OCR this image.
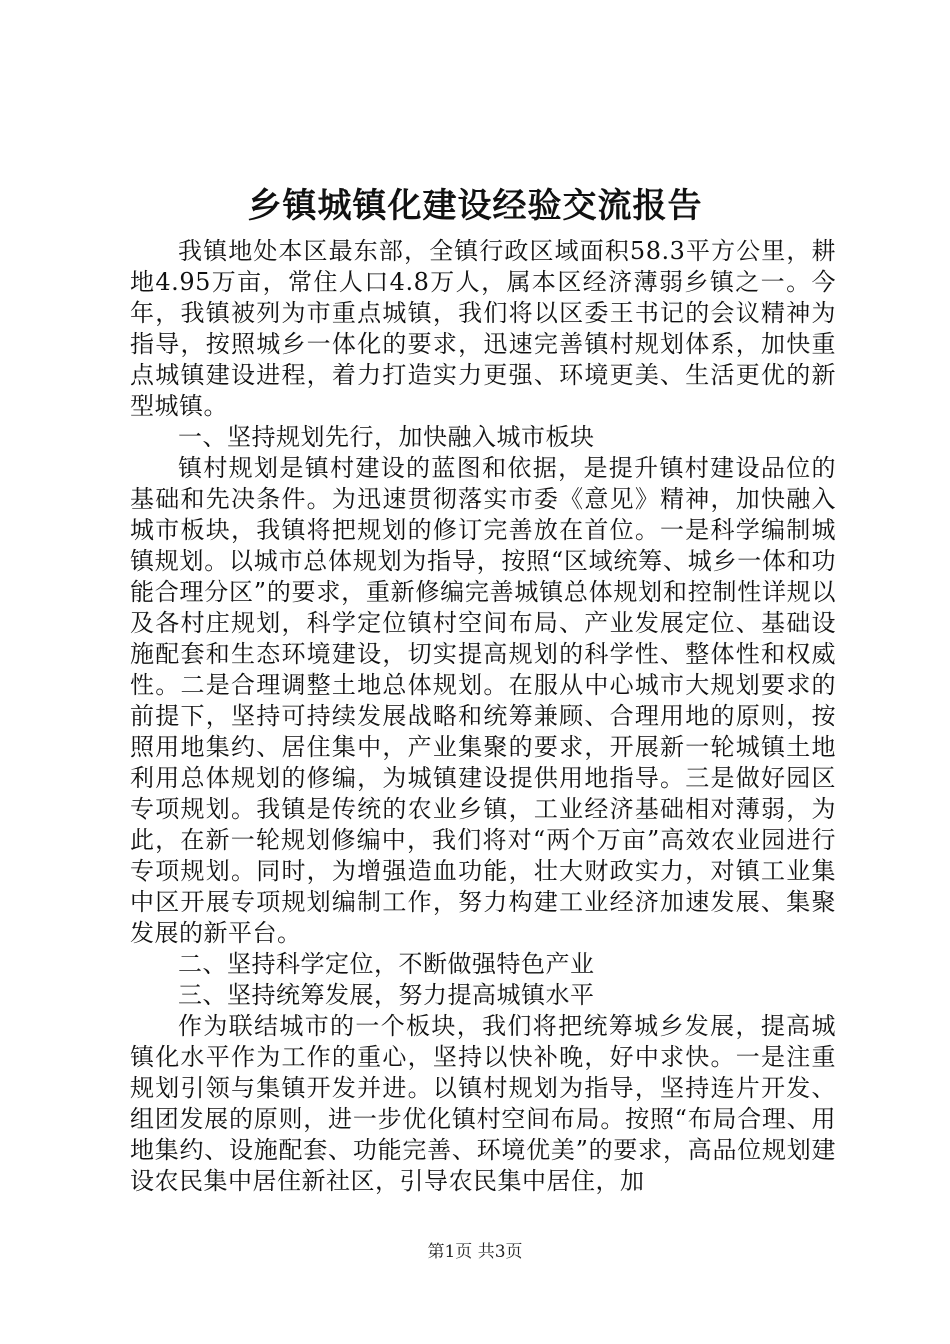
乡镇城镇化建设经验交流报告

我镇地处本区最东部，全镇行政区域面积58.3平方公里，耕地4.95万亩，常住人口4.8万人，属本区经济薄弱乡镇之一。今年，我镇被列为市重点城镇，我们将以区委王书记的会议精神为指导，按照城乡一体化的要求，迅速完善镇村规划体系，加快重点城镇建设进程，着力打造实力更强、环境更美、生活更优的新型城镇。

一、坚持规划先行，加快融入城市板块

镇村规划是镇村建设的蓝图和依据，是提升镇村建设品位的基础和先决条件。为迅速贯彻落实市委《意见》精神，加快融入城市板块，我镇将把规划的修订完善放在首位。一是科学编制城镇规划。以城市总体规划为指导，按照“区域统筹、城乡一体和功能合理分区”的要求，重新修编完善城镇总体规划和控制性详规以及各村庄规划，科学定位镇村空间布局、产业发展定位、基础设施配套和生态环境建设，切实提高规划的科学性、整体性和权威性。二是合理调整土地总体规划。在服从中心城市大规划要求的前提下，坚持可持续发展战略和统筹兼顾、合理用地的原则，按照用地集约、居住集中，产业集聚的要求，开展新一轮城镇土地利用总体规划的修编，为城镇建设提供用地指导。三是做好园区专项规划。我镇是传统的农业乡镇，工业经济基础相对薄弱，为此，在新一轮规划修编中，我们将对“两个万亩”高效农业园进行专项规划。同时，为增强造血功能，壮大财政实力，对镇工业集中区开展专项规划编制工作，努力构建工业经济加速发展、集聚发展的新平台。

二、坚持科学定位，不断做强特色产业

三、坚持统筹发展，努力提高城镇水平

作为联结城市的一个板块，我们将把统筹城乡发展，提高城镇化水平作为工作的重心，坚持以快补晚，好中求快。一是注重规划引领与集镇开发并进。以镇村规划为指导，坚持连片开发、组团发展的原则，进一步优化镇村空间布局。按照“布局合理、用地集约、设施配套、功能完善、环境优美”的要求，高品位规划建设农民集中居住新社区，引导农民集中居住，加

第1页 共3页
